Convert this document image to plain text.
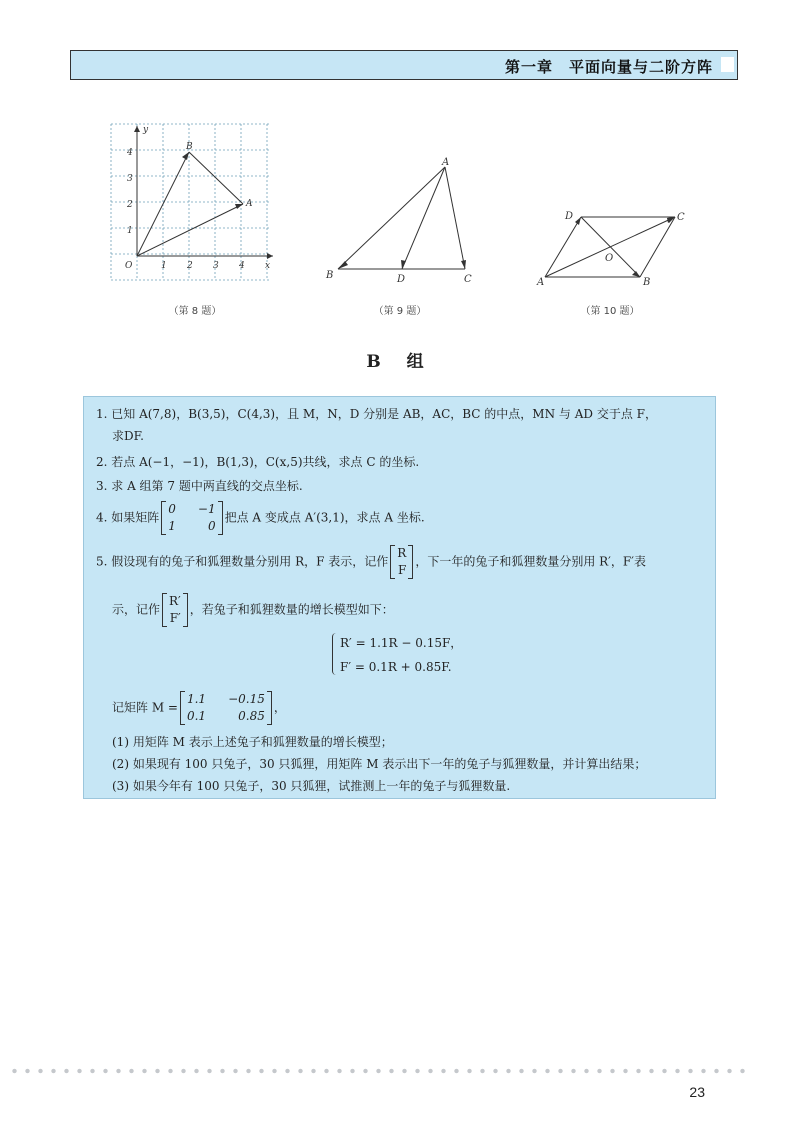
第一章　平面向量与二阶方阵
y
x
O
B
A
1 2 3 4
1
2
3
4
（第 8 题）
A
B	D	C
（第 9 题）
D	C
A	B
O
（第 10 题）
B 组
1. 已知 A(7,8)，B(3,5)，C(4,3)，且 M，N，D 分别是 AB，AC，BC 的中点，MN 与 AD 交于点 F，
求DF.
2. 若点 A(−1，−1)，B(1,3)，C(x,5)共线，求点 C 的坐标.
3. 求 A 组第 7 题中两直线的交点坐标.
4. 如果矩阵
0 −1
1	0
把点 A 变成点 A′(3,1)，求点 A 坐标.
5. 假设现有的兔子和狐狸数量分别用 R，F 表示，记作
R
F
，下一年的兔子和狐狸数量分别用 R′，F′表
示，记作
R′
F′
，若兔子和狐狸数量的增长模型如下：
R′ = 1.1R − 0.15F，
F′ = 0.1R + 0.85F.
记矩阵 M =
1.1 −0.15
0.1	0.85
，
(1) 用矩阵 M 表示上述兔子和狐狸数量的增长模型；
(2) 如果现有 100 只兔子，30 只狐狸，用矩阵 M 表示出下一年的兔子与狐狸数量，并计算出结果；
(3) 如果今年有 100 只兔子，30 只狐狸，试推测上一年的兔子与狐狸数量.
23
